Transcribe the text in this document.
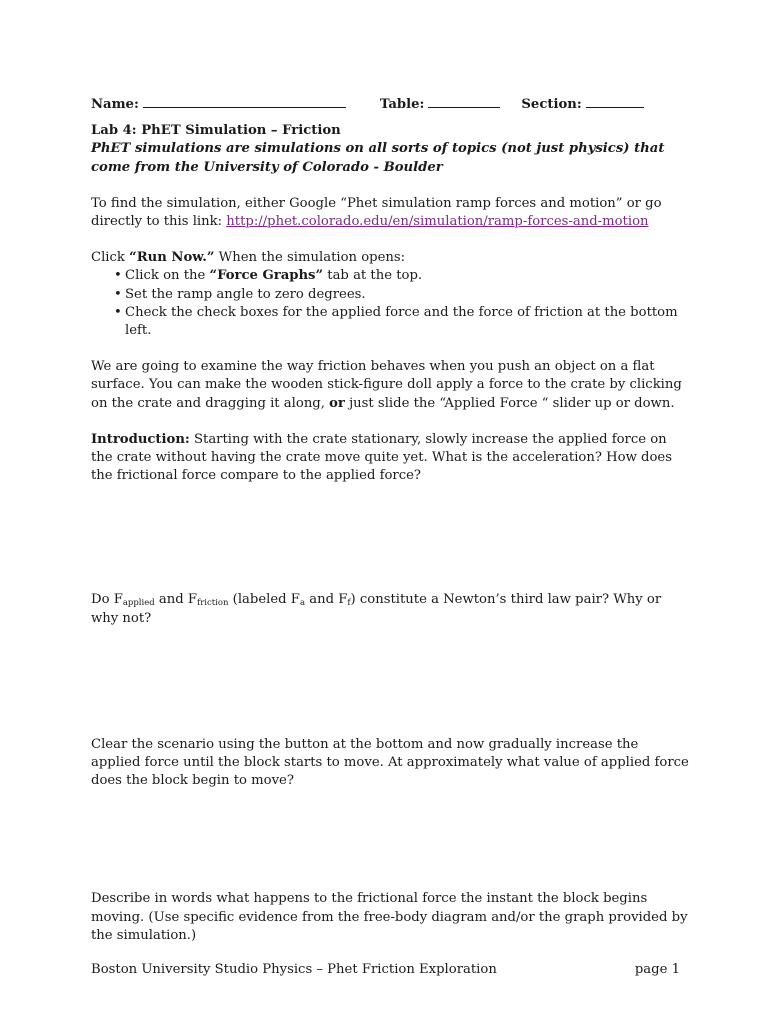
Name:	Table:	Section:

Lab 4: PhET Simulation – Friction

PhET simulations are simulations on all sorts of topics (not just physics) that come from the University of Colorado - Boulder

To find the simulation, either Google “Phet simulation ramp forces and motion” or go directly to this link: http://phet.colorado.edu/en/simulation/ramp-forces-and-motion

Click “Run Now.” When the simulation opens:

• Click on the “Force Graphs” tab at the top.
• Set the ramp angle to zero degrees.
• Check the check boxes for the applied force and the force of friction at the bottom left.

We are going to examine the way friction behaves when you push an object on a flat surface. You can make the wooden stick-figure doll apply a force to the crate by clicking on the crate and dragging it along, or just slide the “Applied Force “ slider up or down.

Introduction: Starting with the crate stationary, slowly increase the applied force on the crate without having the crate move quite yet. What is the acceleration? How does the frictional force compare to the applied force?

Do $F_{applied}$ and $F_{friction}$ (labeled $F_a$ and $F_f$) constitute a Newton’s third law pair? Why or why not?

Clear the scenario using the button at the bottom and now gradually increase the applied force until the block starts to move. At approximately what value of applied force does the block begin to move?

Describe in words what happens to the frictional force the instant the block begins moving. (Use specific evidence from the free-body diagram and/or the graph provided by the simulation.)

Boston University Studio Physics – Phet Friction Exploration	page 1
